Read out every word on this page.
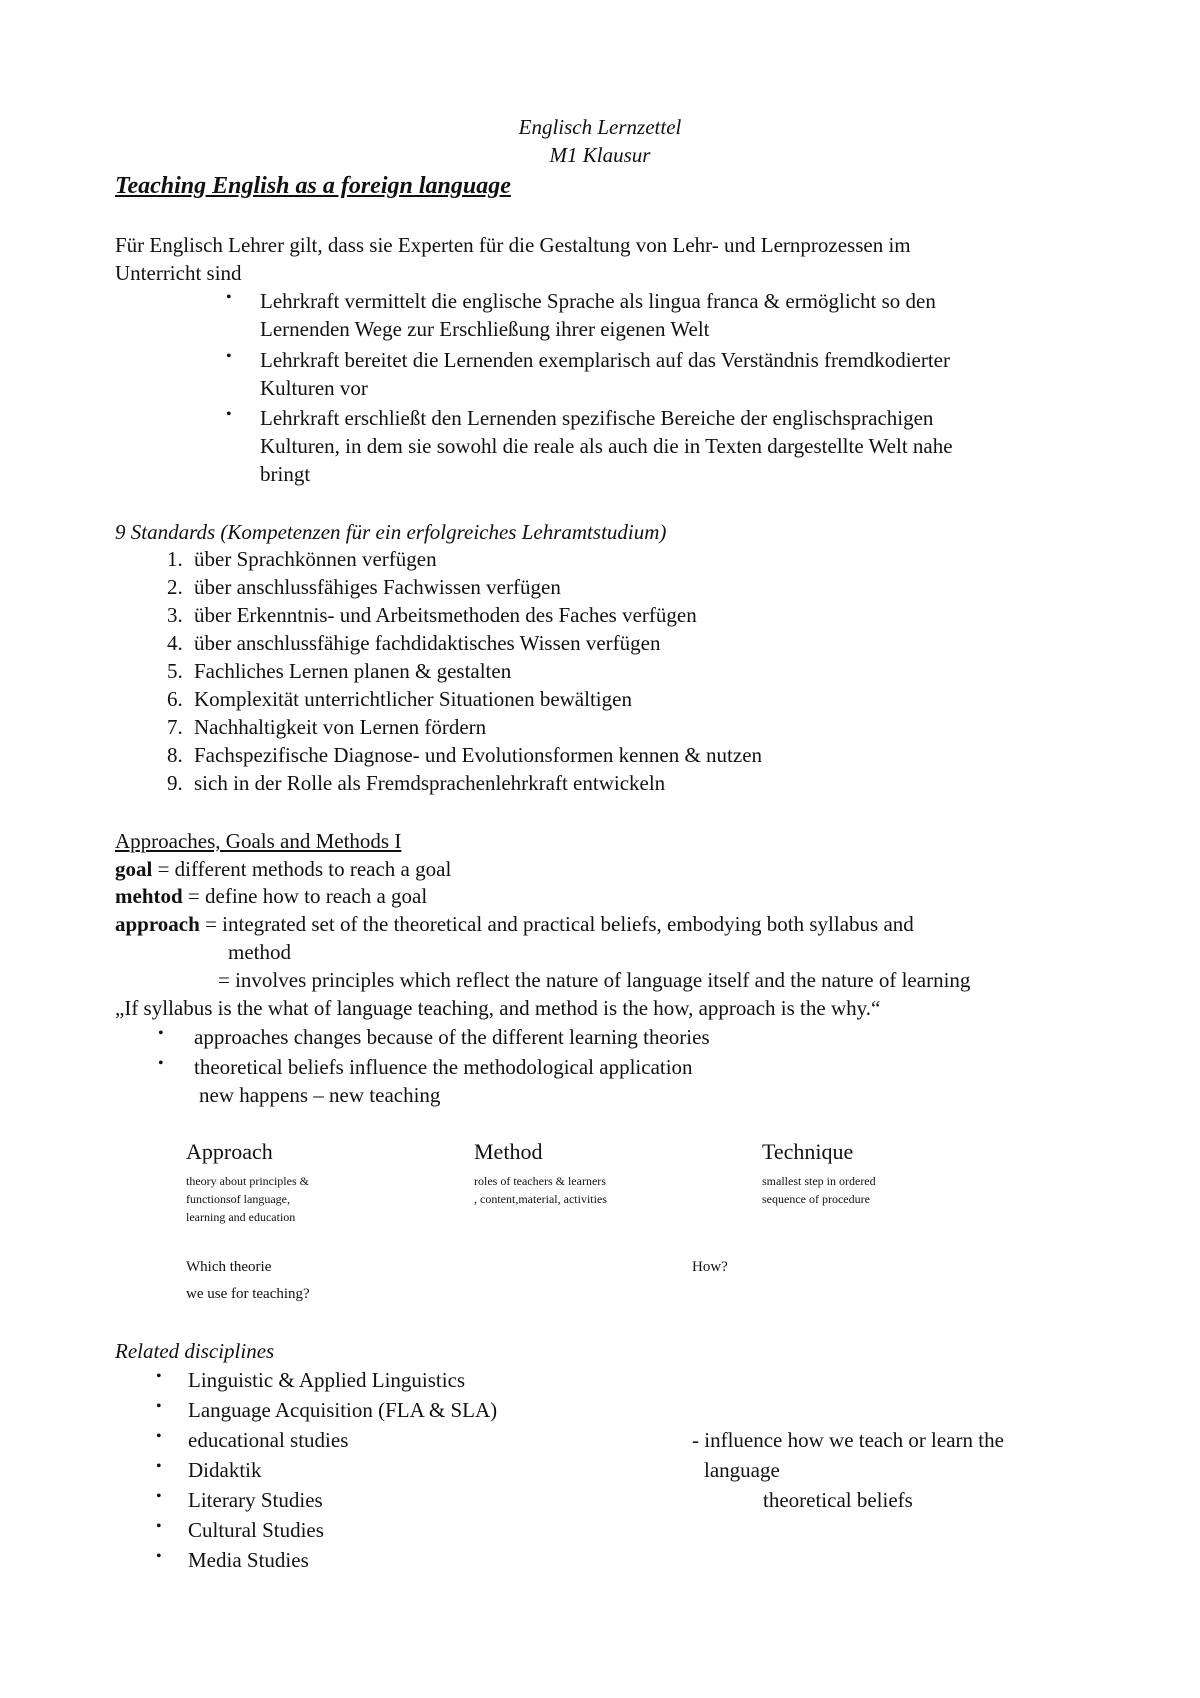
Englisch Lernzettel
M1 Klausur
Teaching English as a foreign language
Für Englisch Lehrer gilt, dass sie Experten für die Gestaltung von Lehr- und Lernprozessen im
Unterricht sind
• Lehrkraft vermittelt die englische Sprache als lingua franca & ermöglicht so den
Lernenden Wege zur Erschließung ihrer eigenen Welt
• Lehrkraft bereitet die Lernenden exemplarisch auf das Verständnis fremdkodierter
Kulturen vor
• Lehrkraft erschließt den Lernenden spezifische Bereiche der englischsprachigen
Kulturen, in dem sie sowohl die reale als auch die in Texten dargestellte Welt nahe
bringt
9 Standards (Kompetenzen für ein erfolgreiches Lehramtstudium)
1. über Sprachkönnen verfügen
2. über anschlussfähiges Fachwissen verfügen
3. über Erkenntnis- und Arbeitsmethoden des Faches verfügen
4. über anschlussfähige fachdidaktisches Wissen verfügen
5. Fachliches Lernen planen & gestalten
6. Komplexität unterrichtlicher Situationen bewältigen
7. Nachhaltigkeit von Lernen fördern
8. Fachspezifische Diagnose- und Evolutionsformen kennen & nutzen
9. sich in der Rolle als Fremdsprachenlehrkraft entwickeln
Approaches, Goals and Methods I
goal = different methods to reach a goal
mehtod = define how to reach a goal
approach = integrated set of the theoretical and practical beliefs, embodying both syllabus and
method
= involves principles which reflect the nature of language itself and the nature of learning
„If syllabus is the what of language teaching, and method is the how, approach is the why.“
• approaches changes because of the different learning theories
• theoretical beliefs influence the methodological application
new happens – new teaching
Approach
theory about principles &
functionsof language,
learning and education
Method
roles of teachers & learners
, content,material, activities
Technique
smallest step in ordered
sequence of procedure
Which theorie
we use for teaching?
How?
Related disciplines
• Linguistic & Applied Linguistics
• Language Acquisition (FLA & SLA)
• educational studies
• Didaktik
• Literary Studies
• Cultural Studies
• Media Studies
- influence how we teach or learn the
language
theoretical beliefs
